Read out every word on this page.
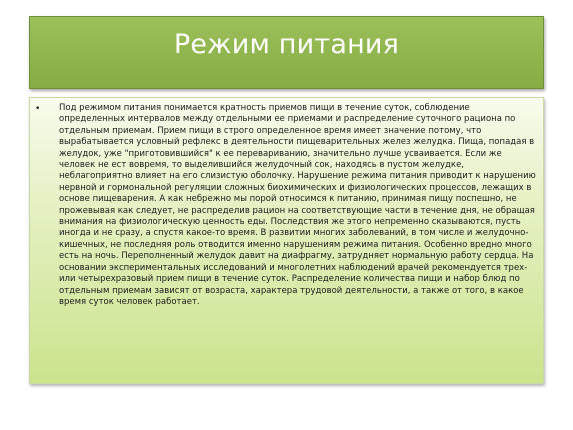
Режим питания
• Под режимом питания понимается кратность приемов пищи в течение суток, соблюдение определенных интервалов между отдельными ее приемами и распределение суточного рациона по отдельным приемам. Прием пищи в строго определенное время имеет значение потому, что вырабатывается условный рефлекс в деятельности пищеварительных желез желудка. Пища, попадая в желудок, уже "приготовившийся" к ее перевариванию, значительно лучше усваивается. Если же человек не ест вовремя, то выделившийся желудочный сок, находясь в пустом желудке, неблагоприятно влияет на его слизистую оболочку. Нарушение режима питания приводит к нарушению нервной и гормональной регуляции сложных биохимических и физиологических процессов, лежащих в основе пищеварения. А как небрежно мы порой относимся к питанию, принимая пищу поспешно, не прожевывая как следует, не распределив рацион на соответствующие части в течение дня, не обращая внимания на физиологическую ценность еды. Последствия же этого непременно сказываются, пусть иногда и не сразу, а спустя какое-то время. В развитии многих заболеваний, в том числе и желудочно-кишечных, не последняя роль отводится именно нарушениям режима питания. Особенно вредно много есть на ночь. Переполненный желудок давит на диафрагму, затрудняет нормальную работу сердца. На основании экспериментальных исследований и многолетних наблюдений врачей рекомендуется трех- или четырехразовый прием пищи в течение суток. Распределение количества пищи и набор блюд по отдельным приемам зависят от возраста, характера трудовой деятельности, а также от того, в какое время суток человек работает.
